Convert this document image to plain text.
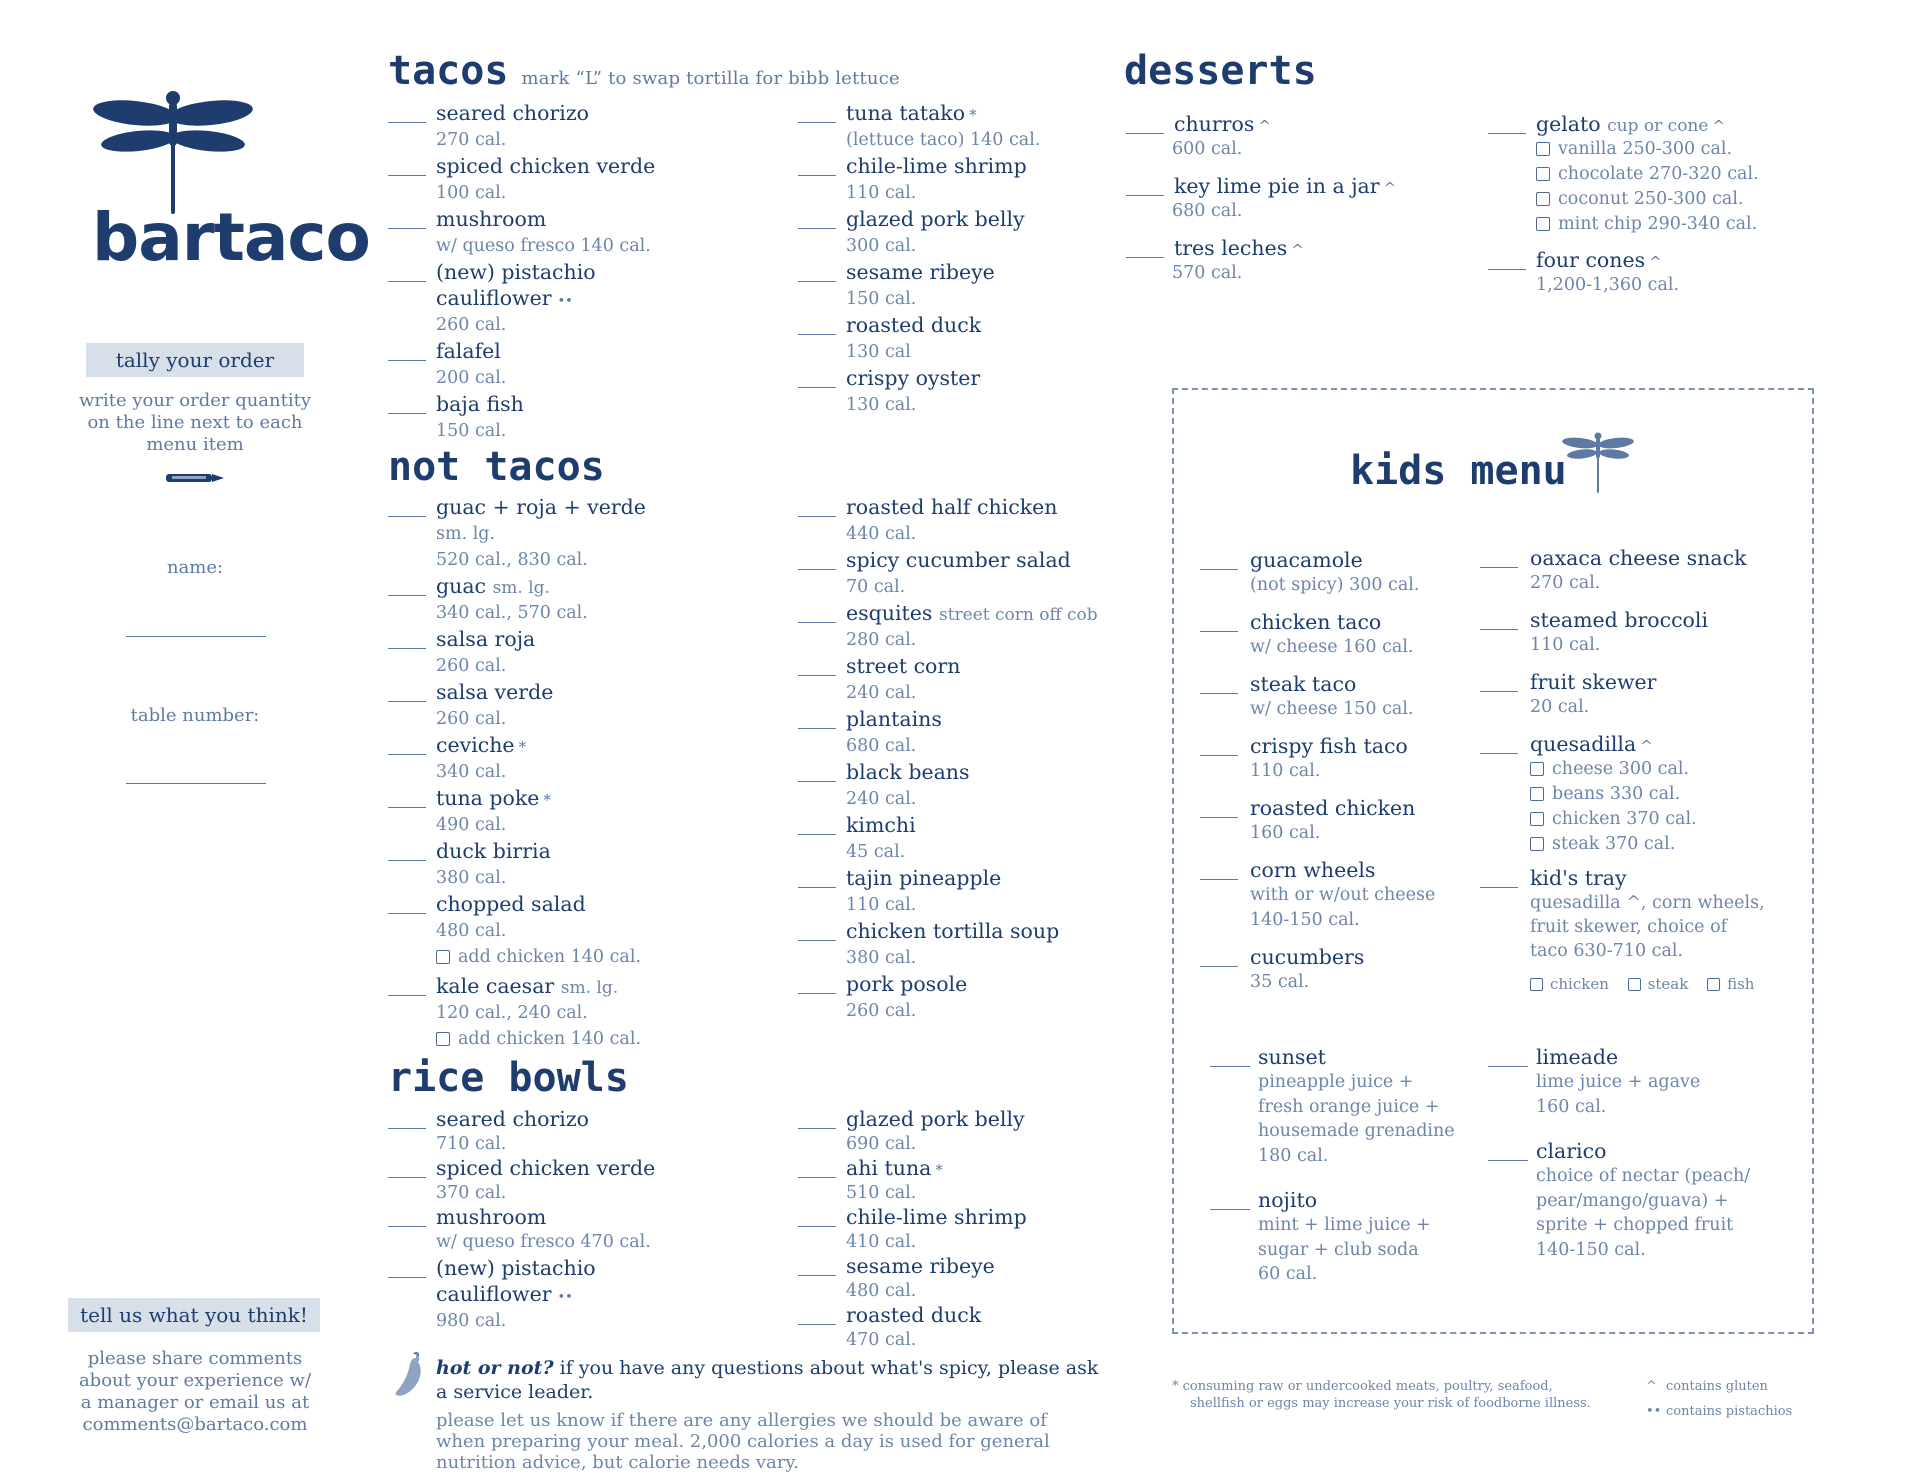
bartaco
tally your order
write your order quantity
on the line next to each
menu item
name:
table number:
tell us what you think!
please share comments
about your experience w/
a manager or email us at
comments@bartaco.com
tacos mark “L” to swap tortilla for bibb lettuce
seared chorizo
270 cal.
spiced chicken verde
100 cal.
mushroom
w/ queso fresco 140 cal.
(new) pistachio
cauliflower ••
260 cal.
falafel
200 cal.
baja fish
150 cal.
tuna tatako *
(lettuce taco) 140 cal.
chile-lime shrimp
110 cal.
glazed pork belly
300 cal.
sesame ribeye
150 cal.
roasted duck
130 cal
crispy oyster
130 cal.
not tacos
guac + roja + verde
sm. lg.
520 cal., 830 cal.
guac sm. lg.
340 cal., 570 cal.
salsa roja
260 cal.
salsa verde
260 cal.
ceviche *
340 cal.
tuna poke *
490 cal.
duck birria
380 cal.
chopped salad
480 cal.
add chicken 140 cal.
kale caesar sm. lg.
120 cal., 240 cal.
add chicken 140 cal.
roasted half chicken
440 cal.
spicy cucumber salad
70 cal.
esquites street corn off cob
280 cal.
street corn
240 cal.
plantains
680 cal.
black beans
240 cal.
kimchi
45 cal.
tajin pineapple
110 cal.
chicken tortilla soup
380 cal.
pork posole
260 cal.
rice bowls
seared chorizo
710 cal.
spiced chicken verde
370 cal.
mushroom
w/ queso fresco 470 cal.
(new) pistachio
cauliflower ••
980 cal.
glazed pork belly
690 cal.
ahi tuna *
510 cal.
chile-lime shrimp
410 cal.
sesame ribeye
480 cal.
roasted duck
470 cal.
hot or not? if you have any questions about what's spicy, please ask
a service leader.
please let us know if there are any allergies we should be aware of
when preparing your meal. 2,000 calories a day is used for general
nutrition advice, but calorie needs vary.
desserts
churros ^
600 cal.
key lime pie in a jar ^
680 cal.
tres leches ^
570 cal.
gelato cup or cone ^
vanilla 250-300 cal.
chocolate 270-320 cal.
coconut 250-300 cal.
mint chip 290-340 cal.
four cones ^
1,200-1,360 cal.
kids menu
guacamole
(not spicy) 300 cal.
chicken taco
w/ cheese 160 cal.
steak taco
w/ cheese 150 cal.
crispy fish taco
110 cal.
roasted chicken
160 cal.
corn wheels
with or w/out cheese
140-150 cal.
cucumbers
35 cal.
oaxaca cheese snack
270 cal.
steamed broccoli
110 cal.
fruit skewer
20 cal.
quesadilla ^
cheese 300 cal.
beans 330 cal.
chicken 370 cal.
steak 370 cal.
kid's tray
quesadilla ^, corn wheels,
fruit skewer, choice of
taco 630-710 cal.
chicken	steak	fish
sunset
pineapple juice +
fresh orange juice +
housemade grenadine
180 cal.
nojito
mint + lime juice +
sugar + club soda
60 cal.
limeade
lime juice + agave
160 cal.
clarico
choice of nectar (peach/
pear/mango/guava) +
sprite + chopped fruit
140-150 cal.
* consuming raw or undercooked meats, poultry, seafood,
shellfish or eggs may increase your risk of foodborne illness.
^ contains gluten
•• contains pistachios
